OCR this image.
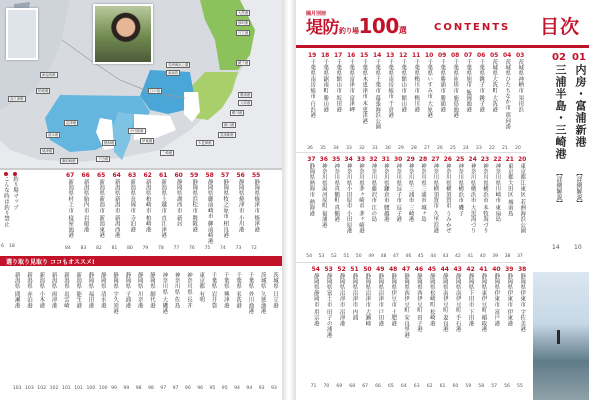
大洗港
那珂湊
日立港
銚子港
勝浦港
大原港
鴨川港
館山港
富浦新港
木更津港
若洲海浜公園
東扇島
三崎港
江の島
小田原港
熱海港	伊東港
下田港
沼津港
清水港
焼津港
御前崎港
新潟西港
直江津港
柏崎港
55
静岡県焼津市 焼津港
72
56
静岡県焼津市 小川港
73
57
静岡県牧之原市 相良港
74
58
静岡県御前崎市 御前崎港
75
59
静岡県浜松市 舞阪港
76
60
静岡県湖西市 新居
77
61
新潟県上越市 直江津港
78
62
新潟県柏崎市 柏崎港
79
63
新潟県長岡市 寺泊港
80
64
新潟県新潟市 新潟西港
81
65
新潟県新潟市 新潟東港
82
66
新潟県胎内市 岩船港
83
67
新潟県村上市 寝屋漁港
84
釣り場マップ
18
こんな時は釣り禁止
6
選り取り見取り ココもオススメ!
茨城県 日立港
93
茨城県 久慈漁港
93
千葉県 外川漁港
94
千葉県 名洗港
94
千葉県 興津港
95
千葉県 岩井袋
95
東京都 有明
96
神奈川県 長井
96
神奈川県 佐島
97
神奈川県 大磯港
97
静岡県 網代港
98
静岡県 川奈港
98
静岡県 子浦港
99
静岡県 宇久須港
99
静岡県 清水港
100
静岡県 福田港
100
新潟県 能生港
101
新潟県 出雲崎
101
新潟県 両津港
102
新潟県 小木港
102
新潟県 赤泊港
103
新潟県 間瀬港
103
隔月別冊
堤防釣り場100選	CONTENTS 目次
01
内房・富浦新港
【詳細解説】
02
三浦半島・三崎港
【詳細解説】
10
14
03
茨城県神栖市 須田浜
20
04
茨城県ひたちなか市 那珂湊
21
05
茨城県大洗町 大洗港
22
06
千葉県銚子市 銚子港
23
07
千葉県旭市 飯岡漁港
24
08
千葉県匝瑳市 鹿島漁港
25
09
千葉県勝浦市 勝浦港
26
10
千葉県いすみ市 大原港
27
11
千葉県鴨川市 鴨川港
28
12
千葉県館山市 館山港
29
13
千葉県南房総市 千倉港
30
14
千葉県千葉市 幕張海浜公園
31
15
千葉県木更津市 木更津港
32
16
千葉県富津市 富津岬
33
17
千葉県館山市 坂田港
34
18
千葉県鋸南町 勝山港
35
19
千葉県南房総市 白浜港
36
20
東京都江東区 若洲海浜公園
37
21
東京都大田区 城南島
38
22
神奈川県川崎市 東扇島
39
23
神奈川県横浜市 本牧海づり
40
24
神奈川県横浜市 大黒海づり
41
25
神奈川県横浜市 磯子
42
26
神奈川県横須賀市 うみかぜ
43
27
神奈川県横須賀市 久里浜港
44
28
神奈川県三浦市 城ヶ島
45
29
神奈川県三浦市 三崎港
46
30
神奈川県逗子市 逗子港
47
31
神奈川県鎌倉市 腰越港
48
32
神奈川県藤沢市 江の島
49
33
神奈川県茅ヶ崎市 茅ヶ崎港
50
34
神奈川県小田原市 小田原港
51
35
神奈川県真鶴町 真鶴港
52
36
神奈川県湯河原町 福浦港
53
37
静岡県熱海市 熱海港
54
38
静岡県伊東市 宇佐美港
55
39
静岡県伊東市 伊東港
56
40
静岡県伊東市 富戸港
57
41
静岡県東伊豆町 稲取港
58
42
静岡県下田市 下田港
59
43
静岡県南伊豆町 手石港
60
44
静岡県南伊豆町 妻良港
61
45
静岡県松崎町 松崎港
62
46
静岡県西伊豆町 田子港
63
47
静岡県西伊豆町 安良里港
64
48
静岡県伊豆市 土肥港
65
49
静岡県沼津市 戸田港
66
50
静岡県沼津市 大瀬崎
67
51
静岡県沼津市 内浦
68
52
静岡県沼津市 沼津港
69
53
静岡県富士市 田子の浦港
70
54
静岡県静岡市 用宗港
71
